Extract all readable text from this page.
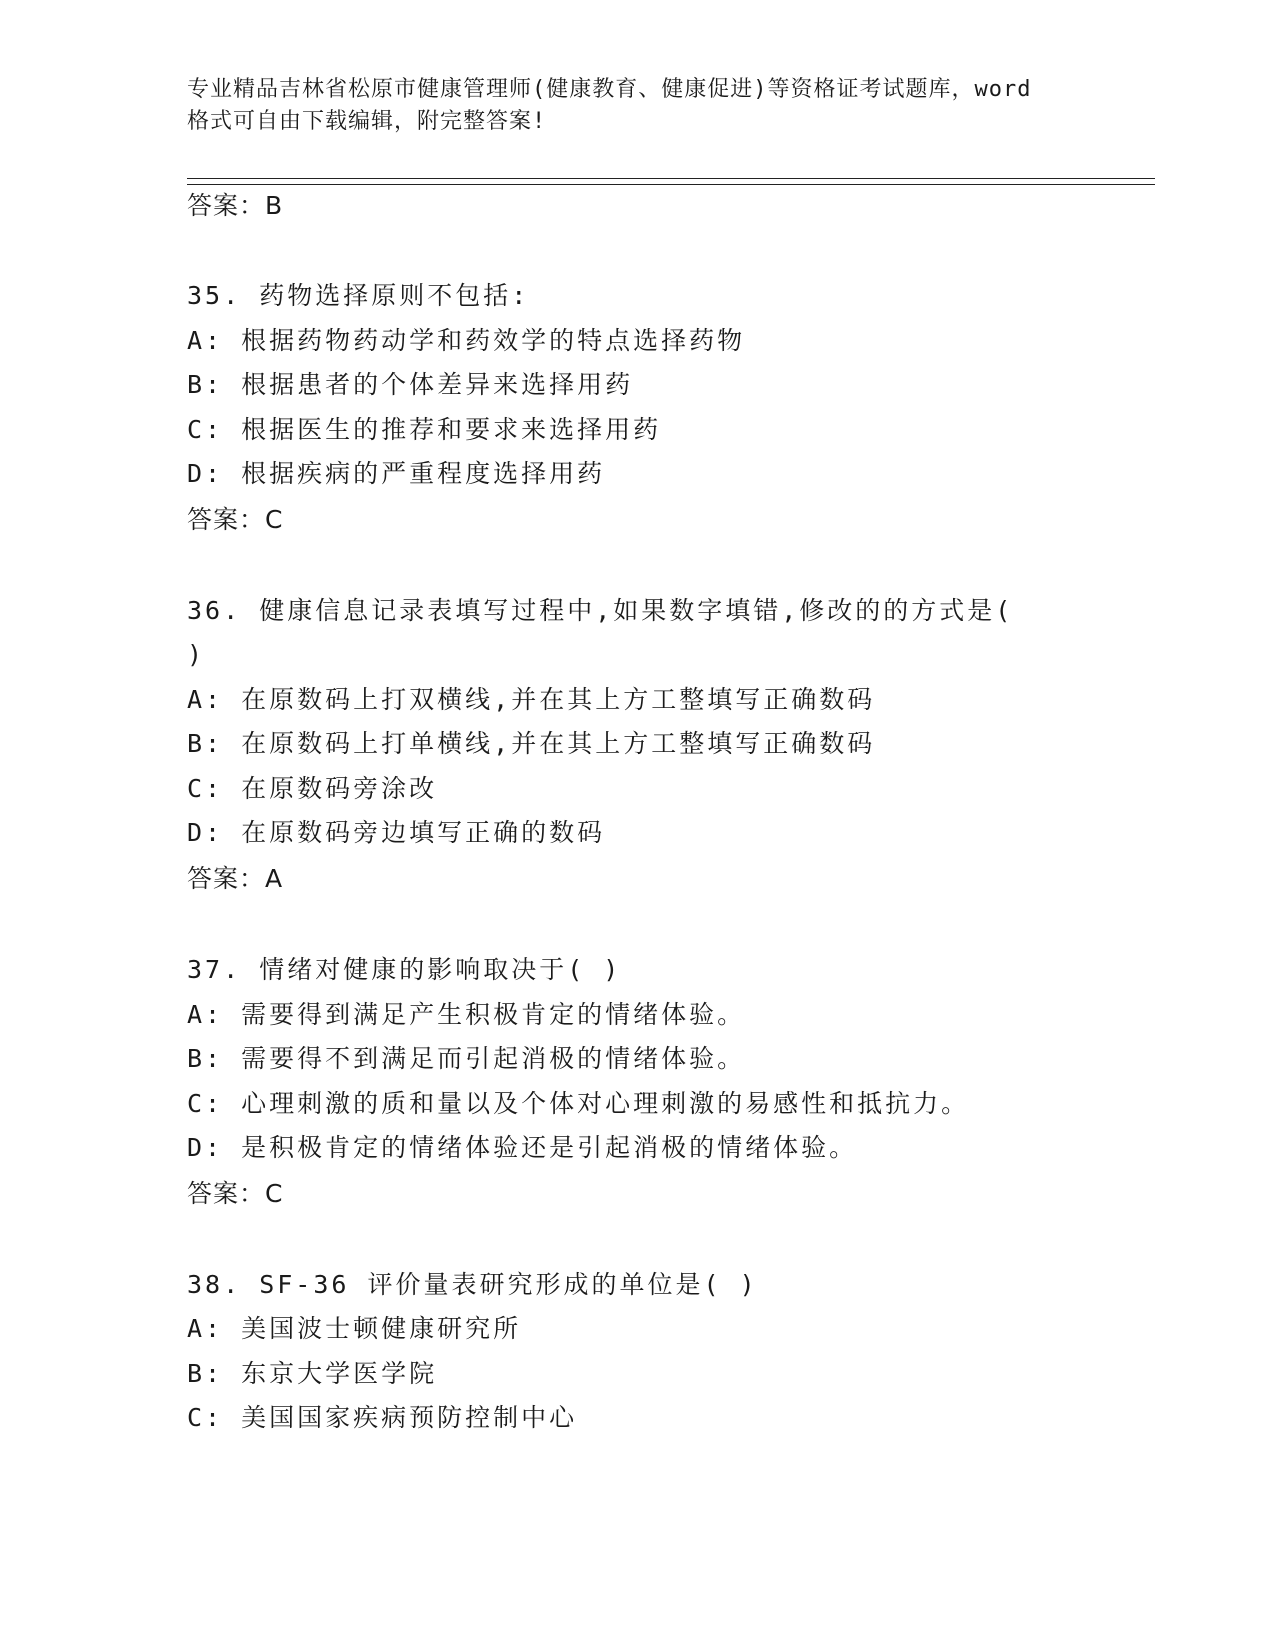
专业精品吉林省松原市健康管理师(健康教育、健康促进)等资格证考试题库，word

格式可自由下载编辑，附完整答案!

答案：B

35. 药物选择原则不包括:

A: 根据药物药动学和药效学的特点选择药物

B: 根据患者的个体差异来选择用药

C: 根据医生的推荐和要求来选择用药

D: 根据疾病的严重程度选择用药

答案：C

36. 健康信息记录表填写过程中,如果数字填错,修改的的方式是(

)

A: 在原数码上打双横线,并在其上方工整填写正确数码

B: 在原数码上打单横线,并在其上方工整填写正确数码

C: 在原数码旁涂改

D: 在原数码旁边填写正确的数码

答案：A

37. 情绪对健康的影响取决于( )

A: 需要得到满足产生积极肯定的情绪体验。

B: 需要得不到满足而引起消极的情绪体验。

C: 心理刺激的质和量以及个体对心理刺激的易感性和抵抗力。

D: 是积极肯定的情绪体验还是引起消极的情绪体验。

答案：C

38. SF-36 评价量表研究形成的单位是( )

A: 美国波士顿健康研究所

B: 东京大学医学院

C: 美国国家疾病预防控制中心
